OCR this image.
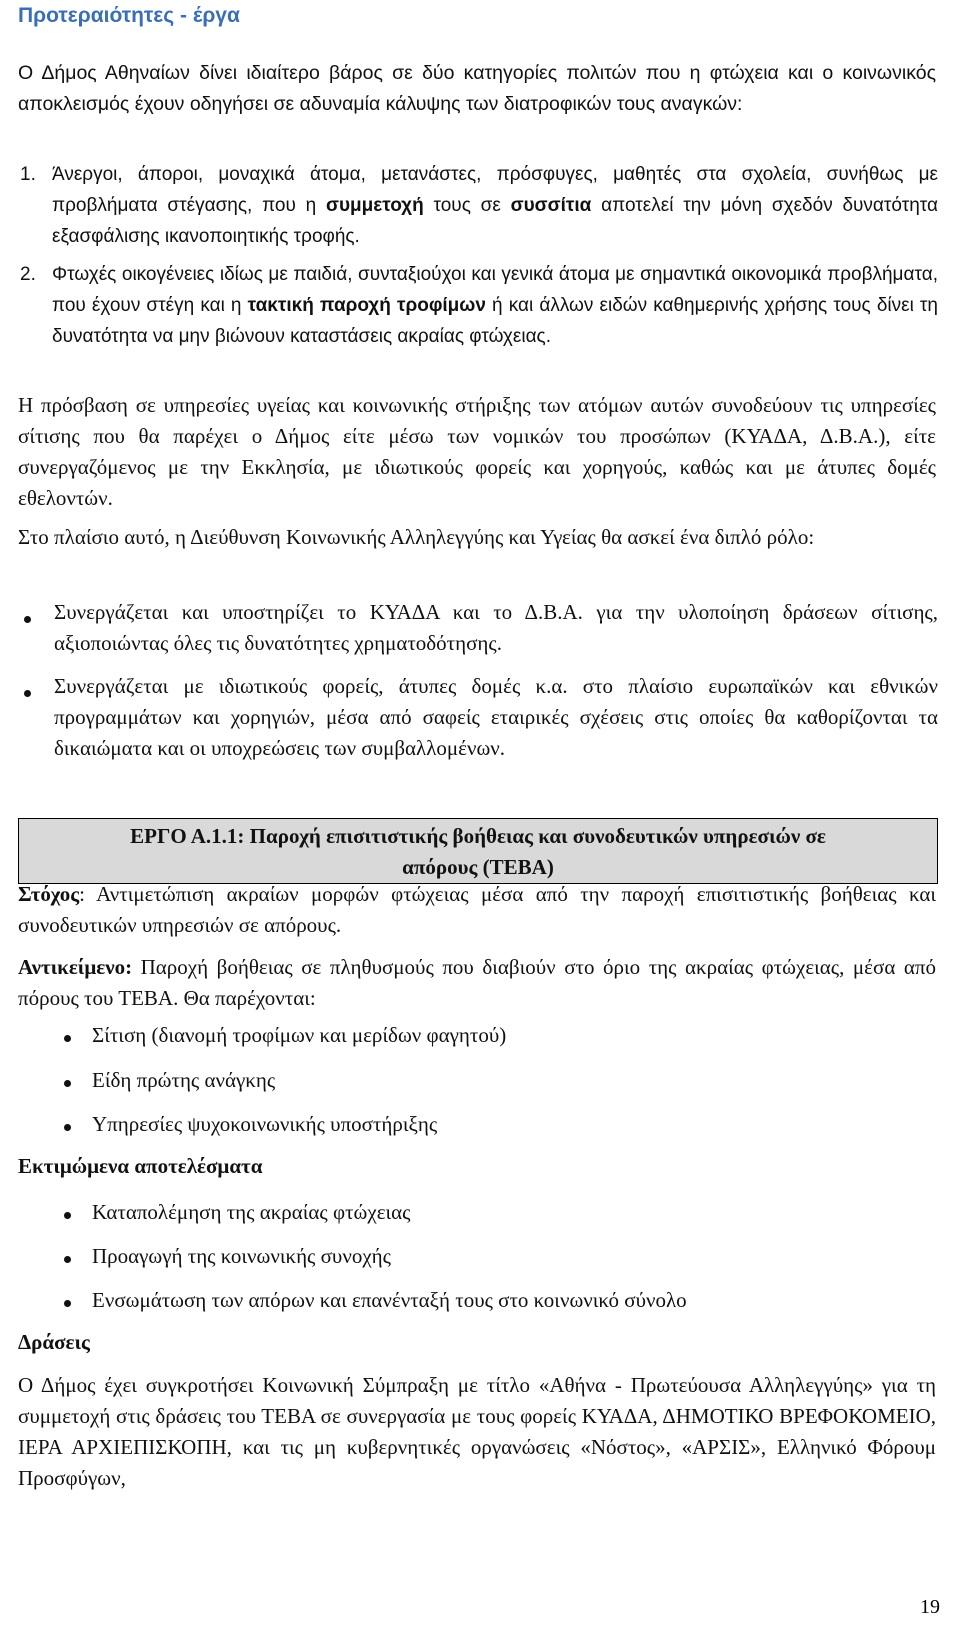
Προτεραιότητες - έργα

Ο Δήμος Αθηναίων δίνει ιδιαίτερο βάρος σε δύο κατηγορίες πολιτών που η φτώχεια και ο κοινωνικός αποκλεισμός έχουν οδηγήσει σε αδυναμία κάλυψης των διατροφικών τους αναγκών:

1. Άνεργοι, άποροι, μοναχικά άτομα, μετανάστες, πρόσφυγες, μαθητές στα σχολεία, συνήθως με προβλήματα στέγασης, που η συμμετοχή τους σε συσσίτια αποτελεί την μόνη σχεδόν δυνατότητα εξασφάλισης ικανοποιητικής τροφής.

2. Φτωχές οικογένειες ιδίως με παιδιά, συνταξιούχοι και γενικά άτομα με σημαντικά οικονομικά προβλήματα, που έχουν στέγη και η τακτική παροχή τροφίμων ή και άλλων ειδών καθημερινής χρήσης τους δίνει τη δυνατότητα να μην βιώνουν καταστάσεις ακραίας φτώχειας.

Η πρόσβαση σε υπηρεσίες υγείας και κοινωνικής στήριξης των ατόμων αυτών συνοδεύουν τις υπηρεσίες σίτισης που θα παρέχει ο Δήμος είτε μέσω των νομικών του προσώπων (ΚΥΑΔΑ, Δ.Β.Α.), είτε συνεργαζόμενος με την Εκκλησία, με ιδιωτικούς φορείς και χορηγούς, καθώς και με άτυπες δομές εθελοντών.

Στο πλαίσιο αυτό, η Διεύθυνση Κοινωνικής Αλληλεγγύης και Υγείας θα ασκεί ένα διπλό ρόλο:

Συνεργάζεται και υποστηρίζει το ΚΥΑΔΑ και το Δ.Β.Α. για την υλοποίηση δράσεων σίτισης, αξιοποιώντας όλες τις δυνατότητες χρηματοδότησης.

Συνεργάζεται με ιδιωτικούς φορείς, άτυπες δομές κ.α. στο πλαίσιο ευρωπαϊκών και εθνικών προγραμμάτων και χορηγιών, μέσα από σαφείς εταιρικές σχέσεις στις οποίες θα καθορίζονται τα δικαιώματα και οι υποχρεώσεις των συμβαλλομένων.

ΕΡΓΟ Α.1.1: Παροχή επισιτιστικής βοήθειας και συνοδευτικών υπηρεσιών σε
απόρους (ΤΕΒΑ)

Στόχος: Αντιμετώπιση ακραίων μορφών φτώχειας μέσα από την παροχή επισιτιστικής βοήθειας και συνοδευτικών υπηρεσιών σε απόρους.

Αντικείμενο: Παροχή βοήθειας σε πληθυσμούς που διαβιούν στο όριο της ακραίας φτώχειας, μέσα από πόρους του ΤΕΒΑ. Θα παρέχονται:

Σίτιση (διανομή τροφίμων και μερίδων φαγητού)

Είδη πρώτης ανάγκης

Υπηρεσίες ψυχοκοινωνικής υποστήριξης

Εκτιμώμενα αποτελέσματα

Καταπολέμηση της ακραίας φτώχειας

Προαγωγή της κοινωνικής συνοχής

Ενσωμάτωση των απόρων και επανένταξή τους στο κοινωνικό σύνολο

Δράσεις

Ο Δήμος έχει συγκροτήσει Κοινωνική Σύμπραξη με τίτλο «Αθήνα - Πρωτεύουσα Αλληλεγγύης» για τη συμμετοχή στις δράσεις του ΤΕΒΑ σε συνεργασία με τους φορείς ΚΥΑΔΑ, ΔΗΜΟΤΙΚΟ ΒΡΕΦΟΚΟΜΕΙΟ, ΙΕΡΑ ΑΡΧΙΕΠΙΣΚΟΠΗ, και τις μη κυβερνητικές οργανώσεις «Νόστος», «ΑΡΣΙΣ», Ελληνικό Φόρουμ Προσφύγων,

19
